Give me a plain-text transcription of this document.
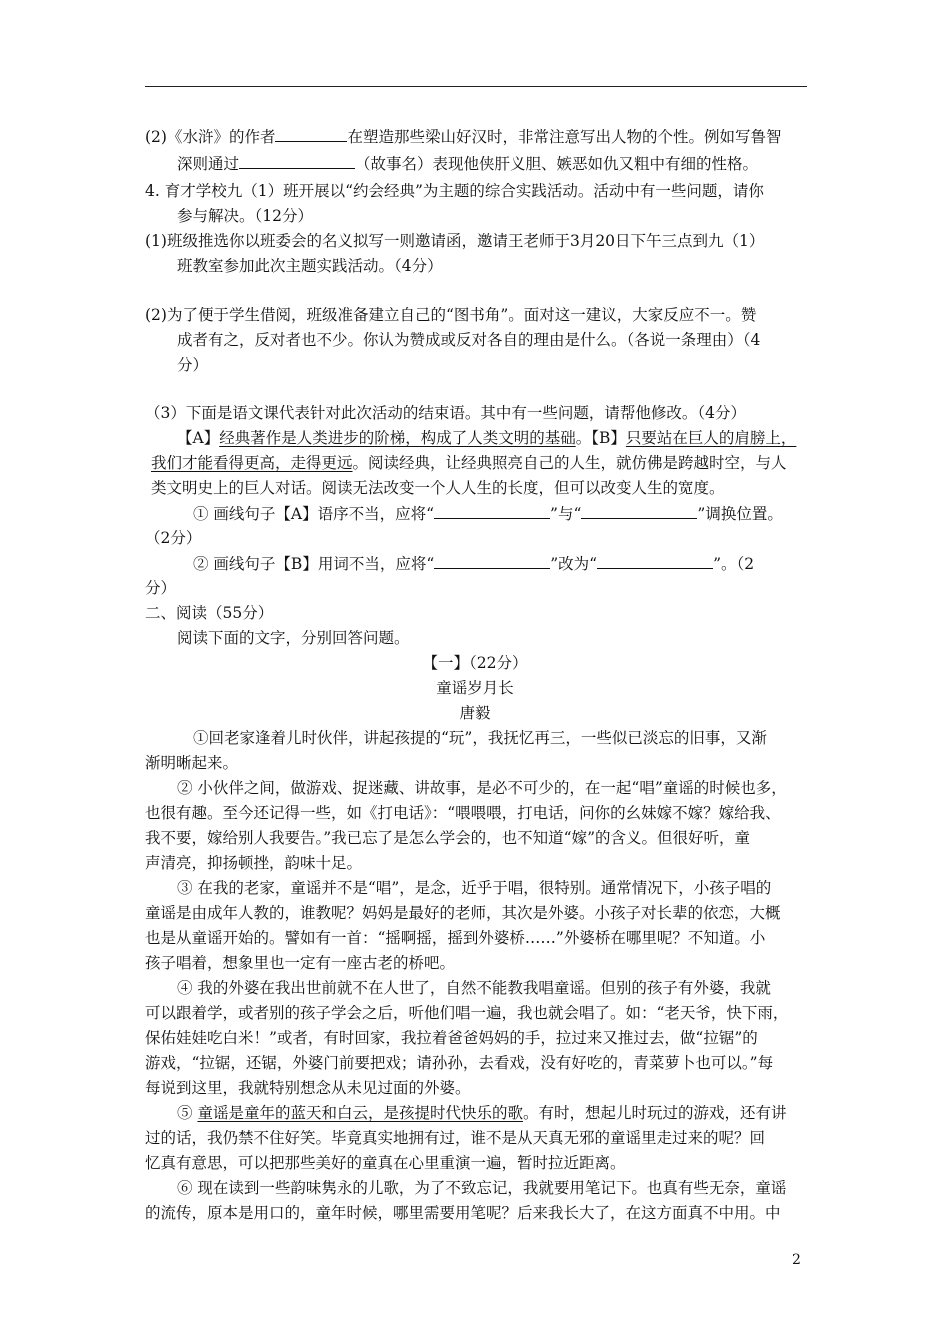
(2)《水浒》的作者	在塑造那些梁山好汉时，非常注意写出人物的个性。例如写鲁智
深则通过	（故事名）表现他侠肝义胆、嫉恶如仇又粗中有细的性格。
4. 育才学校九（1）班开展以“约会经典”为主题的综合实践活动。活动中有一些问题，请你
参与解决。（12分）
(1)班级推选你以班委会的名义拟写一则邀请函，邀请王老师于3月20日下午三点到九（1）
班教室参加此次主题实践活动。（4分）
(2)为了便于学生借阅，班级准备建立自己的“图书角”。面对这一建议，大家反应不一。赞
成者有之，反对者也不少。你认为赞成或反对各自的理由是什么。（各说一条理由）（4
分）
（3）下面是语文课代表针对此次活动的结束语。其中有一些问题，请帮他修改。（4分）
【A】经典著作是人类进步的阶梯，构成了人类文明的基础。【B】只要站在巨人的肩膀上，
我们才能看得更高，走得更远。阅读经典，让经典照亮自己的人生，就仿佛是跨越时空，与人
类文明史上的巨人对话。阅读无法改变一个人人生的长度，但可以改变人生的宽度。
① 画线句子【A】语序不当，应将“	”与“	”调换位置。
（2分）
② 画线句子【B】用词不当，应将“	”改为“	”。（2
分）
二、阅读（55分）
阅读下面的文字，分别回答问题。
【一】（22分）
童谣岁月长
唐毅
①回老家逢着儿时伙伴，讲起孩提的“玩”，我抚忆再三，一些似已淡忘的旧事，又渐
渐明晰起来。
② 小伙伴之间，做游戏、捉迷藏、讲故事，是必不可少的，在一起“唱”童谣的时候也多，
也很有趣。至今还记得一些，如《打电话》：“喂喂喂，打电话，问你的幺妹嫁不嫁？嫁给我、
我不要，嫁给别人我要告。”我已忘了是怎么学会的，也不知道“嫁”的含义。但很好听，童
声清亮，抑扬顿挫，韵味十足。
③ 在我的老家，童谣并不是“唱”，是念，近乎于唱，很特别。通常情况下，小孩子唱的
童谣是由成年人教的，谁教呢？妈妈是最好的老师，其次是外婆。小孩子对长辈的依恋，大概
也是从童谣开始的。譬如有一首：“摇啊摇，摇到外婆桥……”外婆桥在哪里呢？不知道。小
孩子唱着，想象里也一定有一座古老的桥吧。
④ 我的外婆在我出世前就不在人世了，自然不能教我唱童谣。但别的孩子有外婆，我就
可以跟着学，或者别的孩子学会之后，听他们唱一遍，我也就会唱了。如：“老天爷，快下雨，
保佑娃娃吃白米！”或者，有时回家，我拉着爸爸妈妈的手，拉过来又推过去，做“拉锯”的
游戏，“拉锯，还锯，外婆门前要把戏；请孙孙，去看戏，没有好吃的，青菜萝卜也可以。”每
每说到这里，我就特别想念从未见过面的外婆。
⑤ 童谣是童年的蓝天和白云，是孩提时代快乐的歌。有时，想起儿时玩过的游戏，还有讲
过的话，我仍禁不住好笑。毕竟真实地拥有过，谁不是从天真无邪的童谣里走过来的呢？回
忆真有意思，可以把那些美好的童真在心里重演一遍，暂时拉近距离。
⑥ 现在读到一些韵味隽永的儿歌，为了不致忘记，我就要用笔记下。也真有些无奈，童谣
的流传，原本是用口的，童年时候，哪里需要用笔呢？后来我长大了，在这方面真不中用。中
2
